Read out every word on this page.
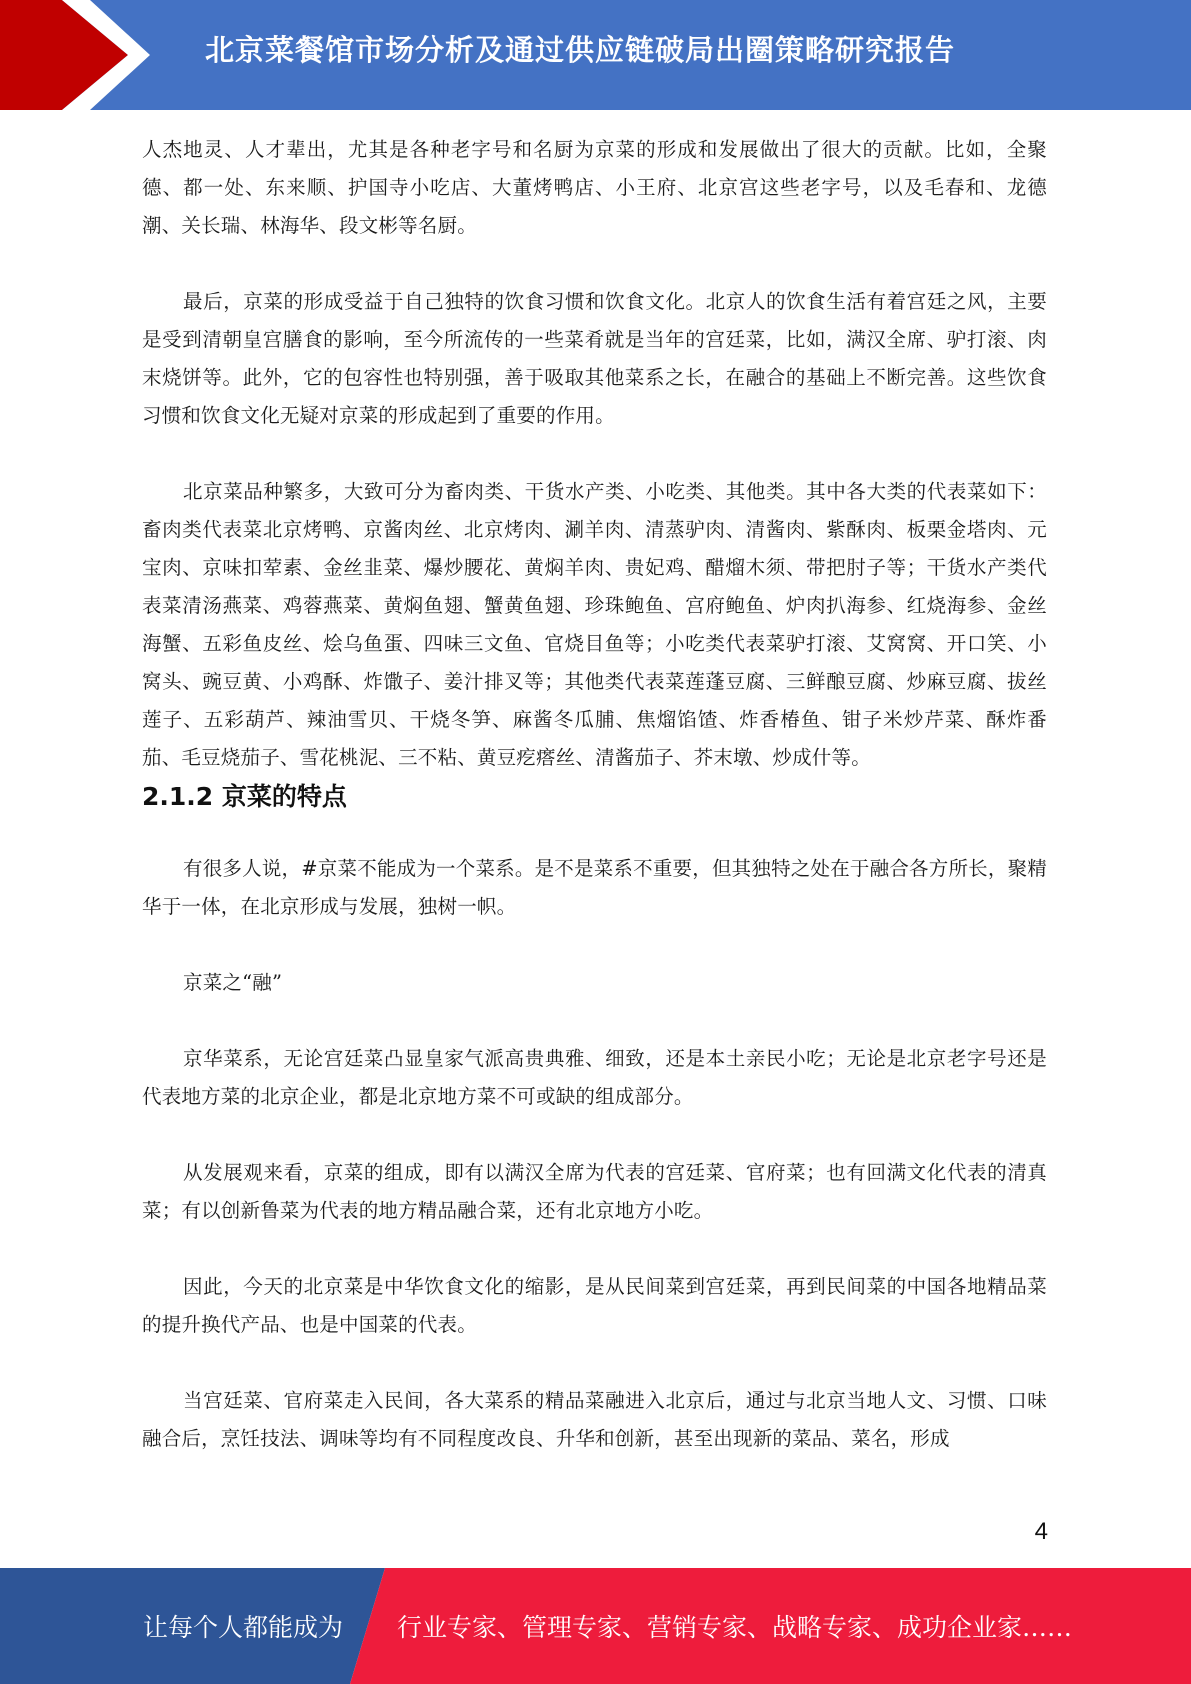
北京菜餐馆市场分析及通过供应链破局出圈策略研究报告

人杰地灵、人才辈出，尤其是各种老字号和名厨为京菜的形成和发展做出了很大的贡献。比如，全聚德、都一处、东来顺、护国寺小吃店、大董烤鸭店、小王府、北京宫这些老字号，以及毛春和、龙德潮、关长瑞、林海华、段文彬等名厨。

最后，京菜的形成受益于自己独特的饮食习惯和饮食文化。北京人的饮食生活有着宫廷之风，主要是受到清朝皇宫膳食的影响，至今所流传的一些菜肴就是当年的宫廷菜，比如，满汉全席、驴打滚、肉末烧饼等。此外，它的包容性也特别强，善于吸取其他菜系之长，在融合的基础上不断完善。这些饮食习惯和饮食文化无疑对京菜的形成起到了重要的作用。

北京菜品种繁多，大致可分为畜肉类、干货水产类、小吃类、其他类。其中各大类的代表菜如下：畜肉类代表菜北京烤鸭、京酱肉丝、北京烤肉、涮羊肉、清蒸驴肉、清酱肉、紫酥肉、板栗金塔肉、元宝肉、京味扣荤素、金丝韭菜、爆炒腰花、黄焖羊肉、贵妃鸡、醋熘木须、带把肘子等；干货水产类代表菜清汤燕菜、鸡蓉燕菜、黄焖鱼翅、蟹黄鱼翅、珍珠鲍鱼、宫府鲍鱼、炉肉扒海参、红烧海参、金丝海蟹、五彩鱼皮丝、烩乌鱼蛋、四味三文鱼、官烧目鱼等；小吃类代表菜驴打滚、艾窝窝、开口笑、小窝头、豌豆黄、小鸡酥、炸馓子、姜汁排叉等；其他类代表菜莲蓬豆腐、三鲜酿豆腐、炒麻豆腐、拔丝莲子、五彩葫芦、辣油雪贝、干烧冬笋、麻酱冬瓜脯、焦熘馅馇、炸香椿鱼、钳子米炒芹菜、酥炸番茄、毛豆烧茄子、雪花桃泥、三不粘、黄豆疙瘩丝、清酱茄子、芥末墩、炒成什等。

2.1.2 京菜的特点

有很多人说，#京菜不能成为一个菜系。是不是菜系不重要，但其独特之处在于融合各方所长，聚精华于一体，在北京形成与发展，独树一帜。

京菜之“融”

京华菜系，无论宫廷菜凸显皇家气派高贵典雅、细致，还是本土亲民小吃；无论是北京老字号还是代表地方菜的北京企业，都是北京地方菜不可或缺的组成部分。

从发展观来看，京菜的组成，即有以满汉全席为代表的宫廷菜、官府菜；也有回满文化代表的清真菜；有以创新鲁菜为代表的地方精品融合菜，还有北京地方小吃。

因此，今天的北京菜是中华饮食文化的缩影，是从民间菜到宫廷菜，再到民间菜的中国各地精品菜的提升换代产品、也是中国菜的代表。

当宫廷菜、官府菜走入民间，各大菜系的精品菜融进入北京后，通过与北京当地人文、习惯、口味融合后，烹饪技法、调味等均有不同程度改良、升华和创新，甚至出现新的菜品、菜名，形成

4
让每个人都能成为 行业专家、管理专家、营销专家、战略专家、成功企业家……
